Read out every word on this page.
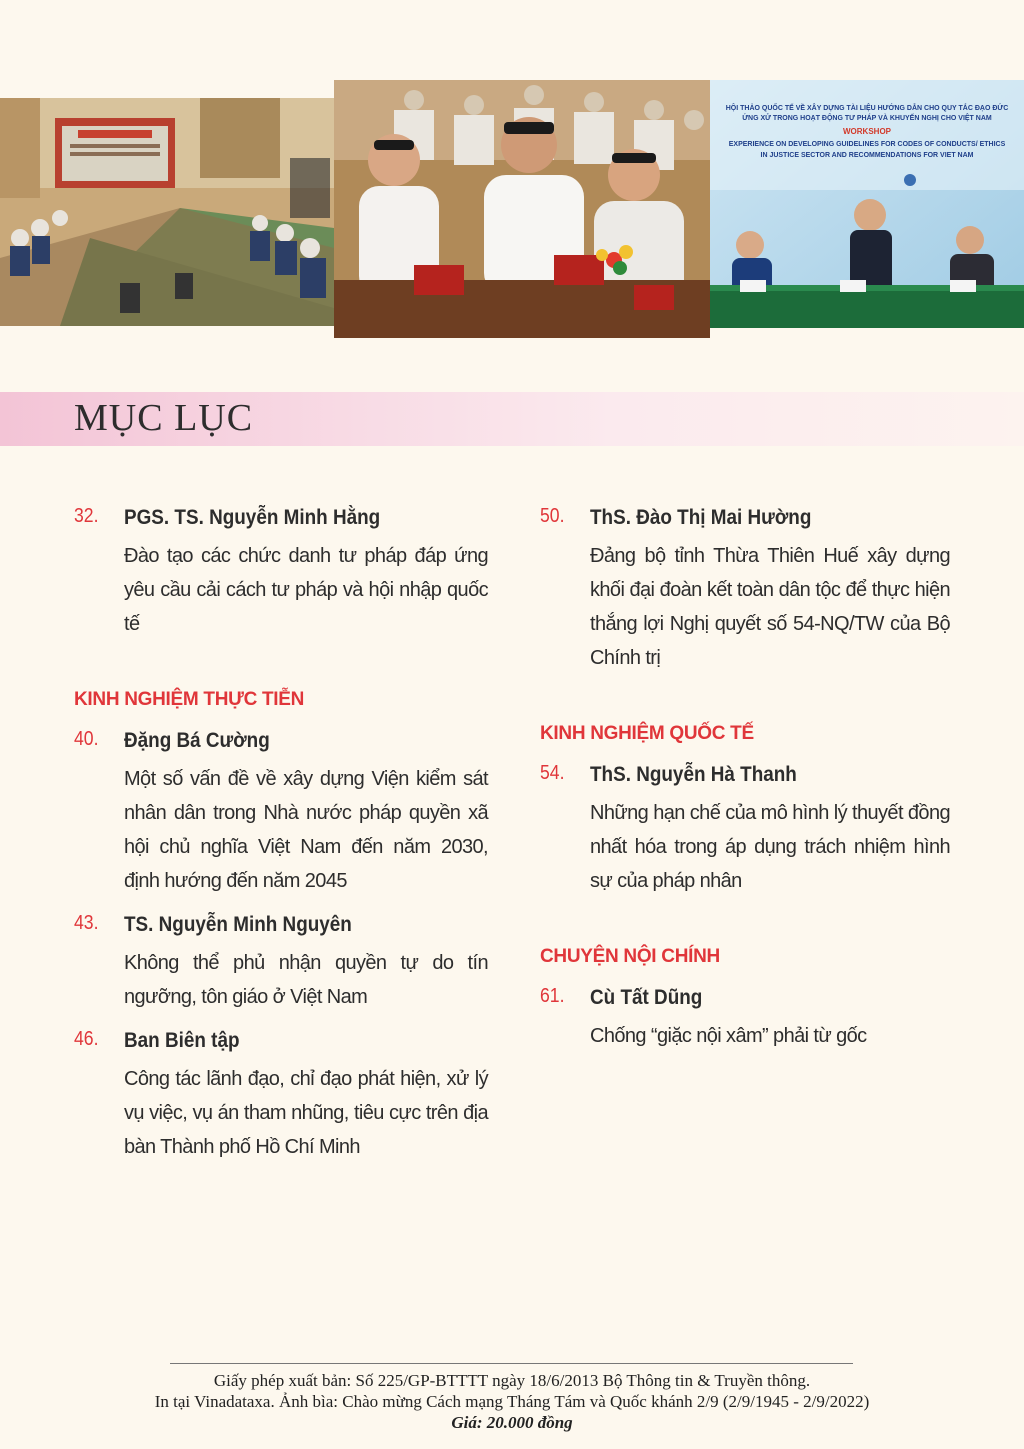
HỘI THẢO QUỐC TẾ VỀ XÂY DỰNG TÀI LIỆU HƯỚNG DẪN CHO QUY TẮC ĐẠO ĐỨC
ỨNG XỬ TRONG HOẠT ĐỘNG TƯ PHÁP VÀ KHUYẾN NGHỊ CHO VIỆT NAM
WORKSHOP
EXPERIENCE ON DEVELOPING GUIDELINES FOR CODES OF CONDUCTS/ ETHICS
IN JUSTICE SECTOR AND RECOMMENDATIONS FOR VIET NAM
MỤC LỤC
32. PGS. TS. Nguyễn Minh Hằng
Đào tạo các chức danh tư pháp đáp ứng yêu cầu cải cách tư pháp và hội nhập quốc tế
KINH NGHIỆM THỰC TIỄN
40. Đặng Bá Cường
Một số vấn đề về xây dựng Viện kiểm sát nhân dân trong Nhà nước pháp quyền xã hội chủ nghĩa Việt Nam đến năm 2030, định hướng đến năm 2045
43. TS. Nguyễn Minh Nguyên
Không thể phủ nhận quyền tự do tín ngưỡng, tôn giáo ở Việt Nam
46. Ban Biên tập
Công tác lãnh đạo, chỉ đạo phát hiện, xử lý vụ việc, vụ án tham nhũng, tiêu cực trên địa bàn Thành phố Hồ Chí Minh
50. ThS. Đào Thị Mai Hường
Đảng bộ tỉnh Thừa Thiên Huế xây dựng khối đại đoàn kết toàn dân tộc để thực hiện thắng lợi Nghị quyết số 54-NQ/TW của Bộ Chính trị
KINH NGHIỆM QUỐC TẾ
54. ThS. Nguyễn Hà Thanh
Những hạn chế của mô hình lý thuyết đồng nhất hóa trong áp dụng trách nhiệm hình sự của pháp nhân
CHUYỆN NỘI CHÍNH
61. Cù Tất Dũng
Chống “giặc nội xâm” phải từ gốc
Giấy phép xuất bản: Số 225/GP-BTTTT ngày 18/6/2013 Bộ Thông tin & Truyền thông.
In tại Vinadataxa. Ảnh bìa: Chào mừng Cách mạng Tháng Tám và Quốc khánh 2/9 (2/9/1945 - 2/9/2022)
Giá: 20.000 đồng
